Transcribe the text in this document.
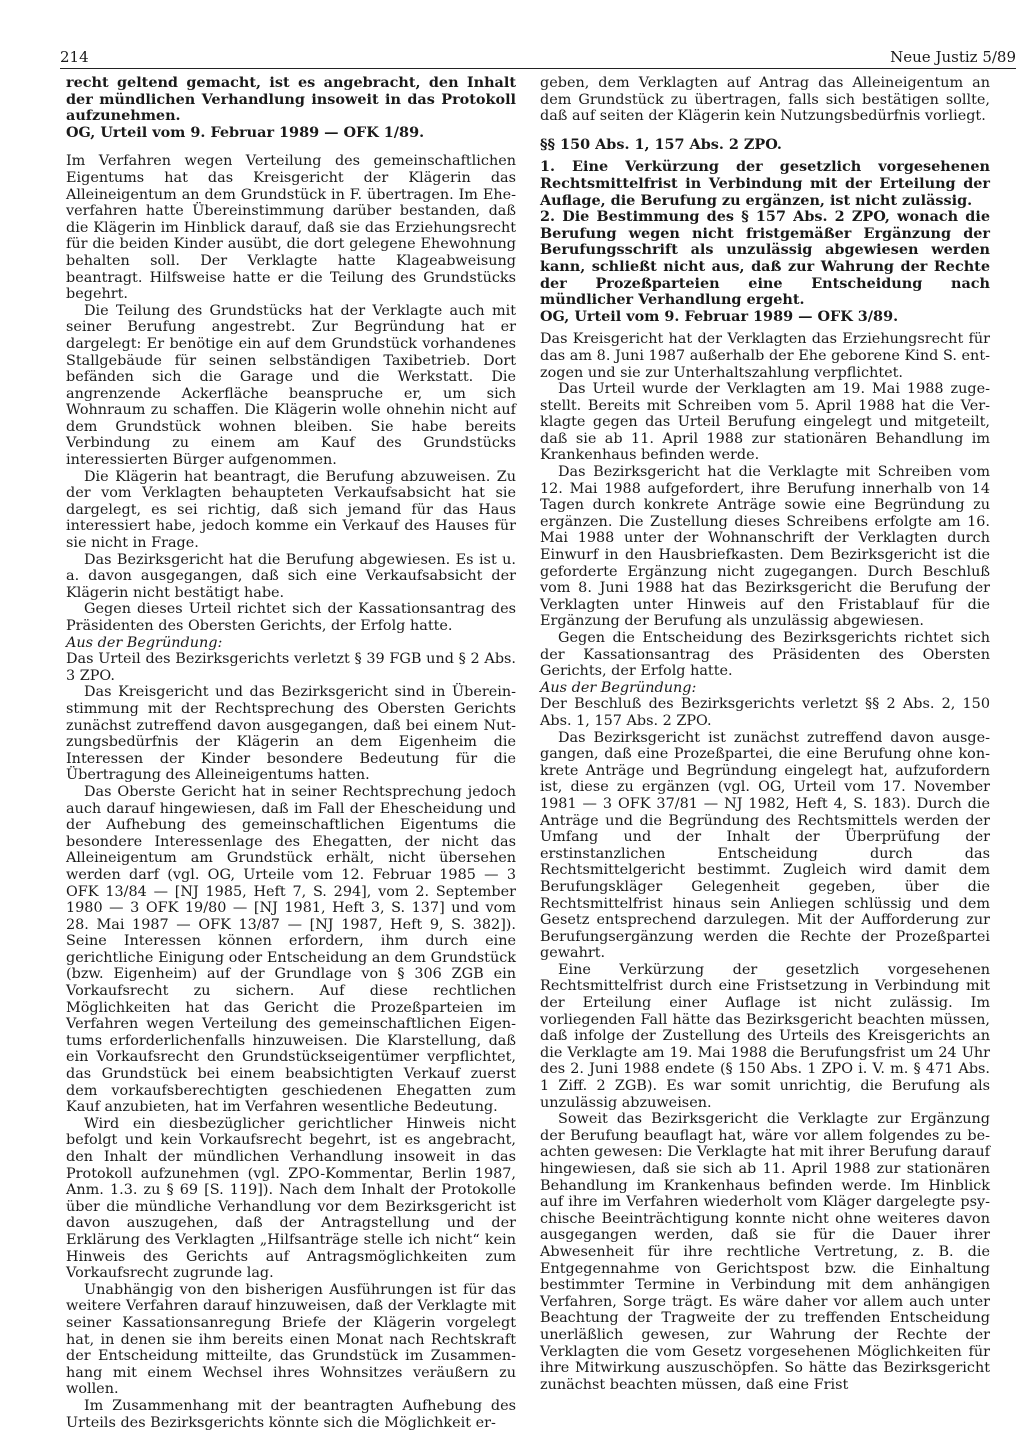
214	Neue Justiz 5/89

recht geltend gemacht, ist es angebracht, den Inhalt der mündlichen Verhandlung insoweit in das Protokoll aufzunehmen.

OG, Urteil vom 9. Februar 1989 — OFK 1/89.

Im Verfahren wegen Verteilung des gemeinschaftlichen Eigentums hat das Kreisgericht der Klägerin das Alleineigentum an dem Grundstück in F. übertragen. Im Eheverfahren hatte Übereinstimmung darüber bestanden, daß die Klägerin im Hinblick darauf, daß sie das Erziehungsrecht für die beiden Kinder ausübt, die dort gelegene Ehewohnung behalten soll. Der Verklagte hatte Klageabweisung beantragt. Hilfsweise hatte er die Teilung des Grundstücks begehrt.

Die Teilung des Grundstücks hat der Verklagte auch mit seiner Berufung angestrebt. Zur Begründung hat er dargelegt: Er benötige ein auf dem Grundstück vorhandenes Stallgebäude für seinen selbständigen Taxibetrieb. Dort befänden sich die Garage und die Werkstatt. Die angrenzende Ackerfläche beanspruche er, um sich Wohnraum zu schaffen. Die Klägerin wolle ohnehin nicht auf dem Grundstück wohnen bleiben. Sie habe bereits Verbindung zu einem am Kauf des Grundstücks interessierten Bürger aufgenommen.

Die Klägerin hat beantragt, die Berufung abzuweisen. Zu der vom Verklagten behaupteten Verkaufsabsicht hat sie dargelegt, es sei richtig, daß sich jemand für das Haus interessiert habe, jedoch komme ein Verkauf des Hauses für sie nicht in Frage.

Das Bezirksgericht hat die Berufung abgewiesen. Es ist u. a. davon ausgegangen, daß sich eine Verkaufsabsicht der Klägerin nicht bestätigt habe.

Gegen dieses Urteil richtet sich der Kassationsantrag des Präsidenten des Obersten Gerichts, der Erfolg hatte.

Aus der Begründung:

Das Urteil des Bezirksgerichts verletzt § 39 FGB und § 2 Abs. 3 ZPO.

Das Kreisgericht und das Bezirksgericht sind in Übereinstimmung mit der Rechtsprechung des Obersten Gerichts zunächst zutreffend davon ausgegangen, daß bei einem Nutzungsbedürfnis der Klägerin an dem Eigenheim die Interessen der Kinder besondere Bedeutung für die Übertragung des Alleineigentums hatten.

Das Oberste Gericht hat in seiner Rechtsprechung jedoch auch darauf hingewiesen, daß im Fall der Ehescheidung und der Aufhebung des gemeinschaftlichen Eigentums die besondere Interessenlage des Ehegatten, der nicht das Alleineigentum am Grundstück erhält, nicht übersehen werden darf (vgl. OG, Urteile vom 12. Februar 1985 — 3 OFK 13/84 — [NJ 1985, Heft 7, S. 294], vom 2. September 1980 — 3 OFK 19/80 — [NJ 1981, Heft 3, S. 137] und vom 28. Mai 1987 — OFK 13/87 — [NJ 1987, Heft 9, S. 382]). Seine Interessen können erfordern, ihm durch eine gerichtliche Einigung oder Entscheidung an dem Grundstück (bzw. Eigenheim) auf der Grundlage von § 306 ZGB ein Vorkaufsrecht zu sichern. Auf diese rechtlichen Möglichkeiten hat das Gericht die Prozeßparteien im Verfahren wegen Verteilung des gemeinschaftlichen Eigentums erforderlichenfalls hinzuweisen. Die Klarstellung, daß ein Vorkaufsrecht den Grundstückseigentümer verpflichtet, das Grundstück bei einem beabsichtigten Verkauf zuerst dem vorkaufsberechtigten geschiedenen Ehegatten zum Kauf anzubieten, hat im Verfahren wesentliche Bedeutung.

Wird ein diesbezüglicher gerichtlicher Hinweis nicht befolgt und kein Vorkaufsrecht begehrt, ist es angebracht, den Inhalt der mündlichen Verhandlung insoweit in das Protokoll aufzunehmen (vgl. ZPO-Kommentar, Berlin 1987, Anm. 1.3. zu § 69 [S. 119]). Nach dem Inhalt der Protokolle über die mündliche Verhandlung vor dem Bezirksgericht ist davon auszugehen, daß der Antragstellung und der Erklärung des Verklagten „Hilfsanträge stelle ich nicht“ kein Hinweis des Gerichts auf Antragsmöglichkeiten zum Vorkaufsrecht zugrunde lag.

Unabhängig von den bisherigen Ausführungen ist für das weitere Verfahren darauf hinzuweisen, daß der Verklagte mit seiner Kassationsanregung Briefe der Klägerin vorgelegt hat, in denen sie ihm bereits einen Monat nach Rechtskraft der Entscheidung mitteilte, das Grundstück im Zusammenhang mit einem Wechsel ihres Wohnsitzes veräußern zu wollen.

Im Zusammenhang mit der beantragten Aufhebung des Urteils des Bezirksgerichts könnte sich die Möglichkeit er-

geben, dem Verklagten auf Antrag das Alleineigentum an dem Grundstück zu übertragen, falls sich bestätigen sollte, daß auf seiten der Klägerin kein Nutzungsbedürfnis vorliegt.

§§ 150 Abs. 1, 157 Abs. 2 ZPO.

1. Eine Verkürzung der gesetzlich vorgesehenen Rechtsmittelfrist in Verbindung mit der Erteilung der Auflage, die Berufung zu ergänzen, ist nicht zulässig.

2. Die Bestimmung des § 157 Abs. 2 ZPO, wonach die Berufung wegen nicht fristgemäßer Ergänzung der Berufungsschrift als unzulässig abgewiesen werden kann, schließt nicht aus, daß zur Wahrung der Rechte der Prozeßparteien eine Entscheidung nach mündlicher Verhandlung ergeht.

OG, Urteil vom 9. Februar 1989 — OFK 3/89.

Das Kreisgericht hat der Verklagten das Erziehungsrecht für das am 8. Juni 1987 außerhalb der Ehe geborene Kind S. entzogen und sie zur Unterhaltszahlung verpflichtet.

Das Urteil wurde der Verklagten am 19. Mai 1988 zugestellt. Bereits mit Schreiben vom 5. April 1988 hat die Verklagte gegen das Urteil Berufung eingelegt und mitgeteilt, daß sie ab 11. April 1988 zur stationären Behandlung im Krankenhaus befinden werde.

Das Bezirksgericht hat die Verklagte mit Schreiben vom 12. Mai 1988 aufgefordert, ihre Berufung innerhalb von 14 Tagen durch konkrete Anträge sowie eine Begründung zu ergänzen. Die Zustellung dieses Schreibens erfolgte am 16. Mai 1988 unter der Wohnanschrift der Verklagten durch Einwurf in den Hausbriefkasten. Dem Bezirksgericht ist die geforderte Ergänzung nicht zugegangen. Durch Beschluß vom 8. Juni 1988 hat das Bezirksgericht die Berufung der Verklagten unter Hinweis auf den Fristablauf für die Ergänzung der Berufung als unzulässig abgewiesen.

Gegen die Entscheidung des Bezirksgerichts richtet sich der Kassationsantrag des Präsidenten des Obersten Gerichts, der Erfolg hatte.

Aus der Begründung:

Der Beschluß des Bezirksgerichts verletzt §§ 2 Abs. 2, 150 Abs. 1, 157 Abs. 2 ZPO.

Das Bezirksgericht ist zunächst zutreffend davon ausgegangen, daß eine Prozeßpartei, die eine Berufung ohne konkrete Anträge und Begründung eingelegt hat, aufzufordern ist, diese zu ergänzen (vgl. OG, Urteil vom 17. November 1981 — 3 OFK 37/81 — NJ 1982, Heft 4, S. 183). Durch die Anträge und die Begründung des Rechtsmittels werden der Umfang und der Inhalt der Überprüfung der erstinstanzlichen Entscheidung durch das Rechtsmittelgericht bestimmt. Zugleich wird damit dem Berufungskläger Gelegenheit gegeben, über die Rechtsmittelfrist hinaus sein Anliegen schlüssig und dem Gesetz entsprechend darzulegen. Mit der Aufforderung zur Berufungsergänzung werden die Rechte der Prozeßpartei gewahrt.

Eine Verkürzung der gesetzlich vorgesehenen Rechtsmittelfrist durch eine Fristsetzung in Verbindung mit der Erteilung einer Auflage ist nicht zulässig. Im vorliegenden Fall hätte das Bezirksgericht beachten müssen, daß infolge der Zustellung des Urteils des Kreisgerichts an die Verklagte am 19. Mai 1988 die Berufungsfrist um 24 Uhr des 2. Juni 1988 endete (§ 150 Abs. 1 ZPO i. V. m. § 471 Abs. 1 Ziff. 2 ZGB). Es war somit unrichtig, die Berufung als unzulässig abzuweisen.

Soweit das Bezirksgericht die Verklagte zur Ergänzung der Berufung beauflagt hat, wäre vor allem folgendes zu beachten gewesen: Die Verklagte hat mit ihrer Berufung darauf hingewiesen, daß sie sich ab 11. April 1988 zur stationären Behandlung im Krankenhaus befinden werde. Im Hinblick auf ihre im Verfahren wiederholt vom Kläger dargelegte psychische Beeinträchtigung konnte nicht ohne weiteres davon ausgegangen werden, daß sie für die Dauer ihrer Abwesenheit für ihre rechtliche Vertretung, z. B. die Entgegennahme von Gerichtspost bzw. die Einhaltung bestimmter Termine in Verbindung mit dem anhängigen Verfahren, Sorge trägt. Es wäre daher vor allem auch unter Beachtung der Tragweite der zu treffenden Entscheidung unerläßlich gewesen, zur Wahrung der Rechte der Verklagten die vom Gesetz vorgesehenen Möglichkeiten für ihre Mitwirkung auszuschöpfen. So hätte das Bezirksgericht zunächst beachten müssen, daß eine Frist
